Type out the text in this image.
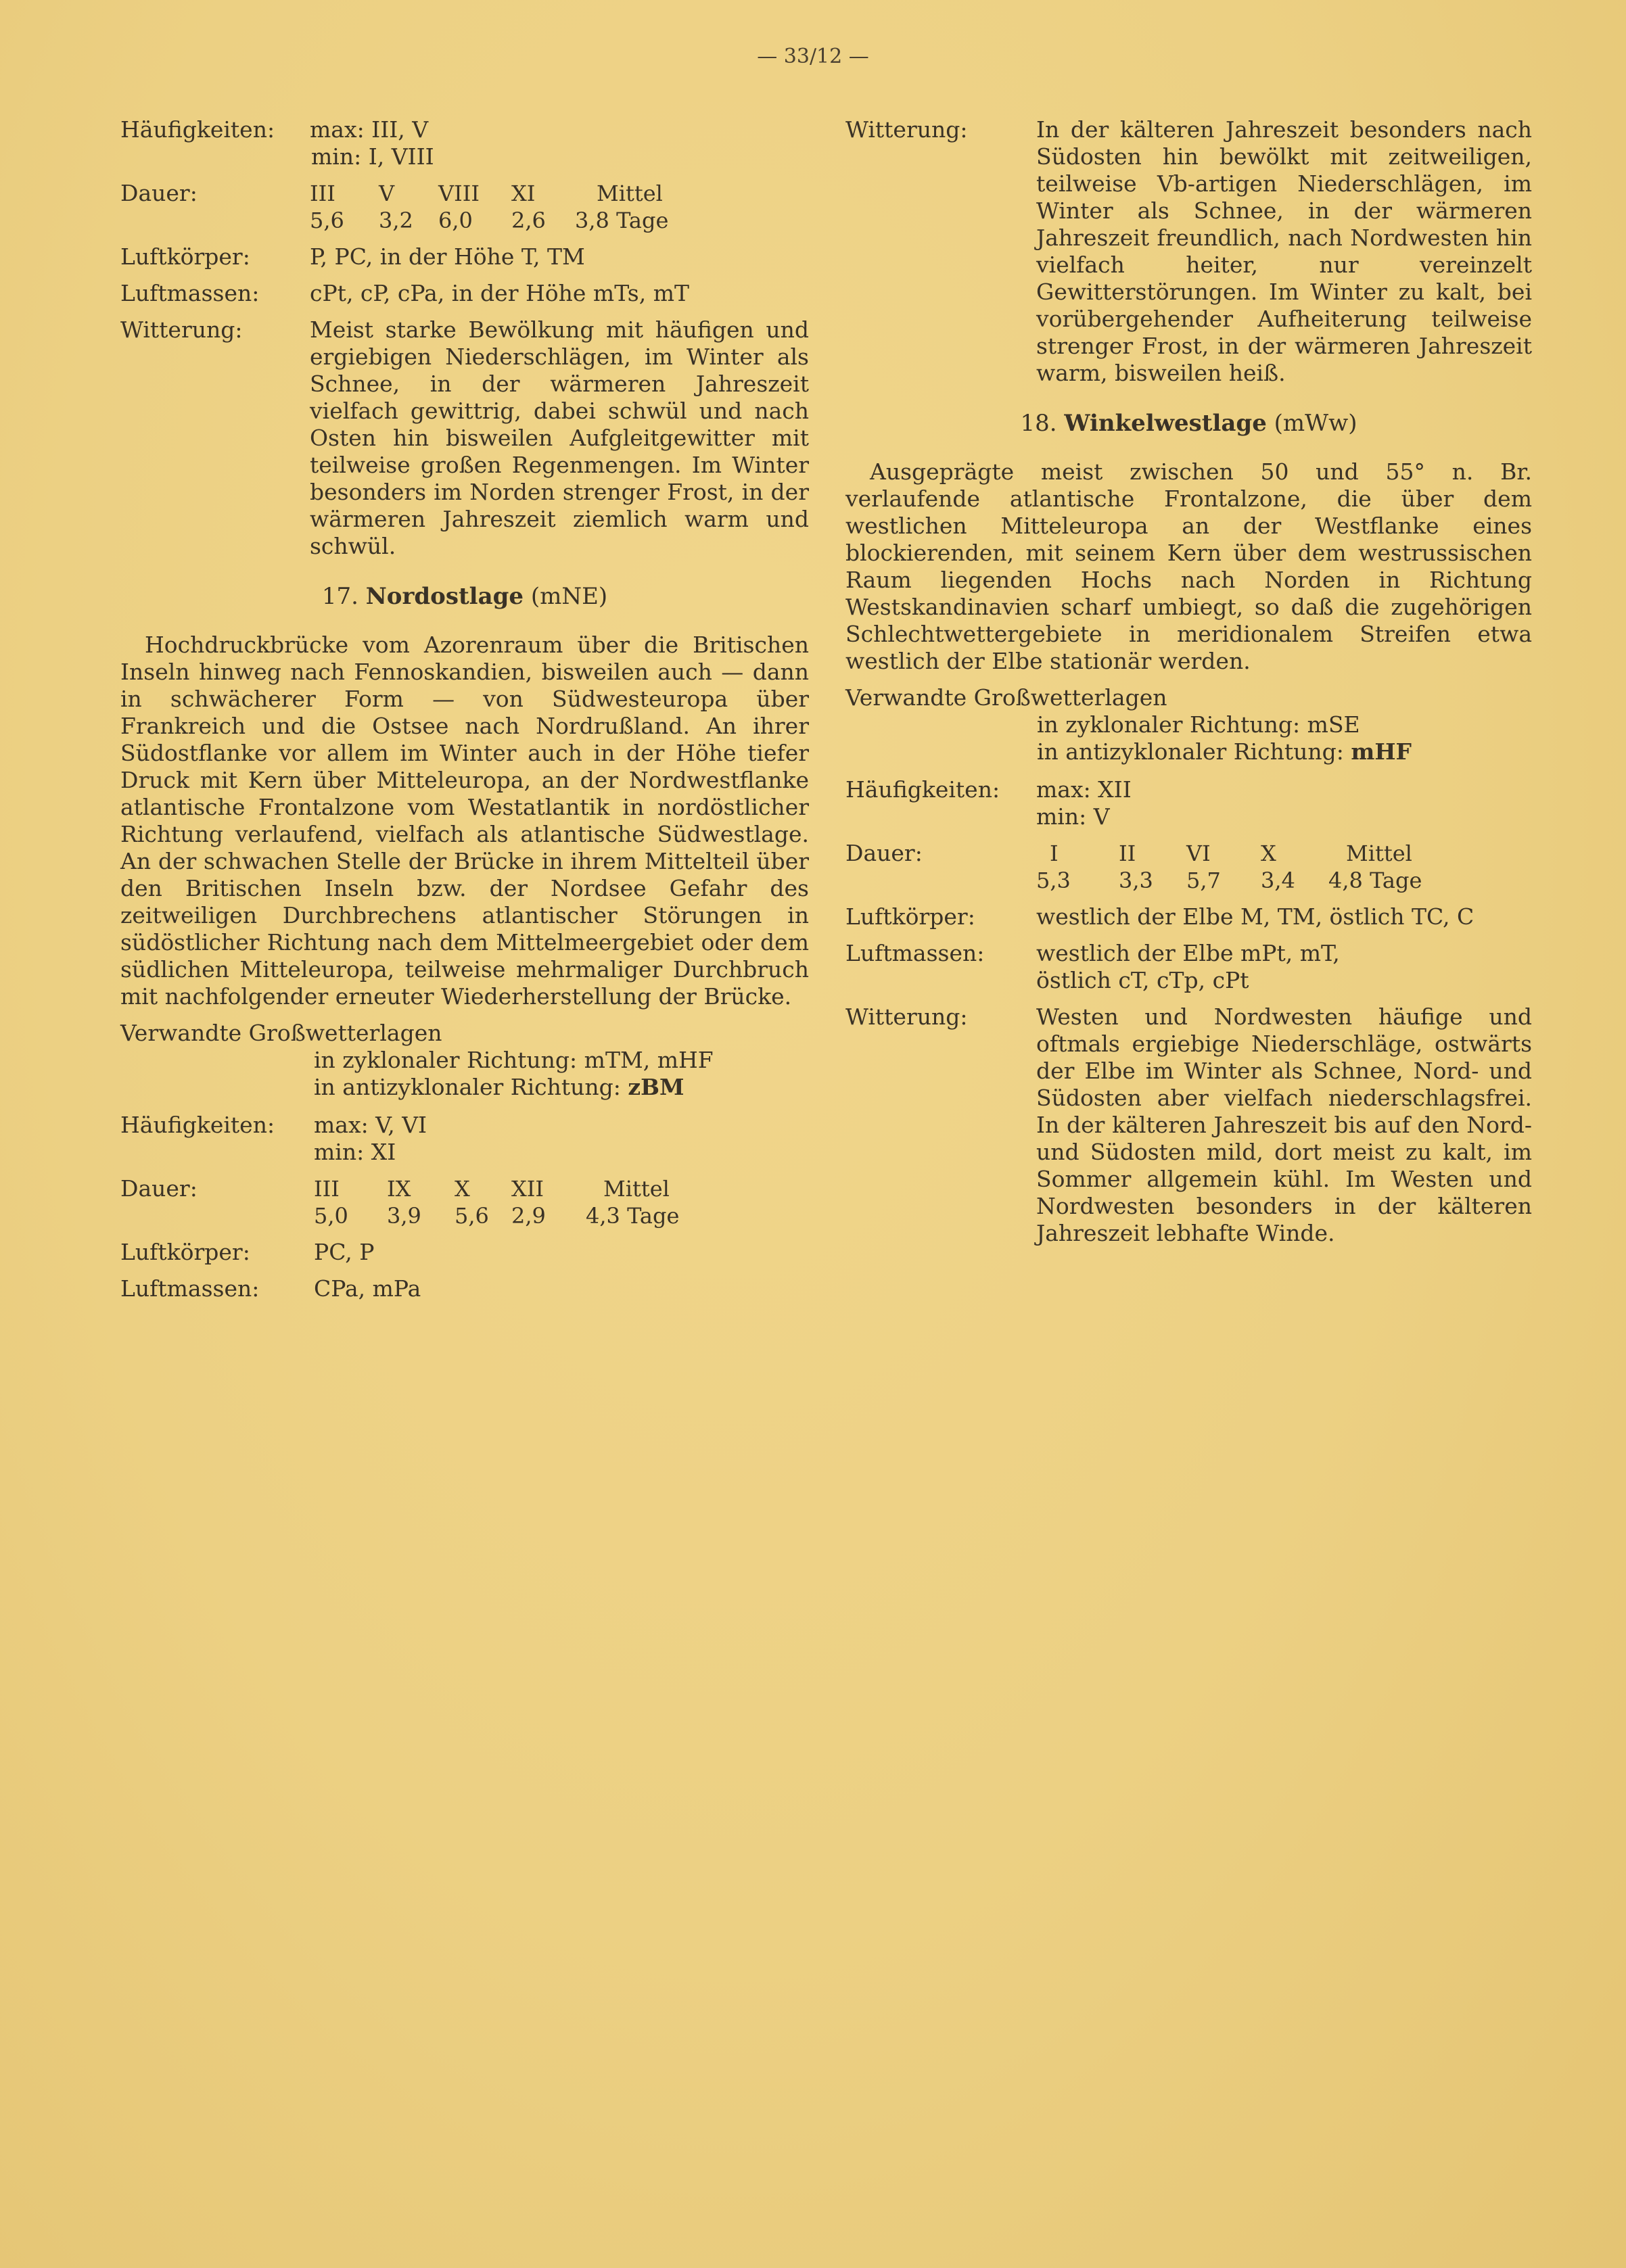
— 33/12 —
Häufigkeiten:	max: III, V

min: I, VIII

Dauer:	III	V	VIII	XI	Mittel
5,6	3,2	6,0	2,6	3,8 Tage
Luftkörper:	P, PC, in der Höhe T, TM
Luftmassen:	cPt, cP, cPa, in der Höhe mTs, mT
Witterung:	Meist starke Bewölkung mit häufigen und ergiebigen Niederschlägen, im Winter als Schnee, in der wärmeren Jahreszeit vielfach gewittrig, dabei schwül und nach Osten hin bisweilen Aufgleitgewitter mit teilweise großen Regenmengen. Im Winter besonders im Norden strenger Frost, in der wärmeren Jahreszeit ziemlich warm und schwül.
17. Nordostlage (mNE)

Hochdruckbrücke vom Azorenraum über die Britischen Inseln hinweg nach Fennoskandien, bisweilen auch — dann in schwächerer Form — von Südwesteuropa über Frankreich und die Ostsee nach Nordrußland. An ihrer Südostflanke vor allem im Winter auch in der Höhe tiefer Druck mit Kern über Mitteleuropa, an der Nordwestflanke atlantische Frontalzone vom Westatlantik in nordöstlicher Richtung verlaufend, vielfach als atlantische Südwestlage. An der schwachen Stelle der Brücke in ihrem Mittelteil über den Britischen Inseln bzw. der Nordsee Gefahr des zeitweiligen Durchbrechens atlantischer Störungen in südöstlicher Richtung nach dem Mittelmeergebiet oder dem südlichen Mitteleuropa, teilweise mehrmaliger Durchbruch mit nachfolgender erneuter Wiederherstellung der Brücke.

Verwandte Großwetterlagen

in zyklonaler Richtung: mTM, mHF

in antizyklonaler Richtung: zBM

Häufigkeiten:	max: V, VI

min: XI

Dauer:	III	IX	X	XII	Mittel
5,0	3,9	5,6	2,9	4,3 Tage
Luftkörper:	PC, P
Luftmassen:	CPa, mPa
Witterung:	In der kälteren Jahreszeit besonders nach Südosten hin bewölkt mit zeitweiligen, teilweise Vb-artigen Niederschlägen, im Winter als Schnee, in der wärmeren Jahreszeit freundlich, nach Nordwesten hin vielfach heiter, nur vereinzelt Gewitterstörungen. Im Winter zu kalt, bei vorübergehender Aufheiterung teilweise strenger Frost, in der wärmeren Jahreszeit warm, bisweilen heiß.
18. Winkelwestlage (mWw)

Ausgeprägte meist zwischen 50 und 55° n. Br. verlaufende atlantische Frontalzone, die über dem westlichen Mitteleuropa an der Westflanke eines blockierenden, mit seinem Kern über dem westrussischen Raum liegenden Hochs nach Norden in Richtung Westskandinavien scharf umbiegt, so daß die zugehörigen Schlechtwettergebiete in meridionalem Streifen etwa westlich der Elbe stationär werden.

Verwandte Großwetterlagen

in zyklonaler Richtung: mSE

in antizyklonaler Richtung: mHF

Häufigkeiten:	max: XII

min: V

Dauer:	I	II	VI	X	Mittel
5,3	3,3	5,7	3,4	4,8 Tage
Luftkörper:	westlich der Elbe M, TM, östlich TC, C
Luftmassen:	westlich der Elbe mPt, mT,

östlich cT, cTp, cPt

Witterung:	Westen und Nordwesten häufige und oftmals ergiebige Niederschläge, ostwärts der Elbe im Winter als Schnee, Nord- und Südosten aber vielfach niederschlagsfrei. In der kälteren Jahreszeit bis auf den Nord- und Südosten mild, dort meist zu kalt, im Sommer allgemein kühl. Im Westen und Nordwesten besonders in der kälteren Jahreszeit lebhafte Winde.
